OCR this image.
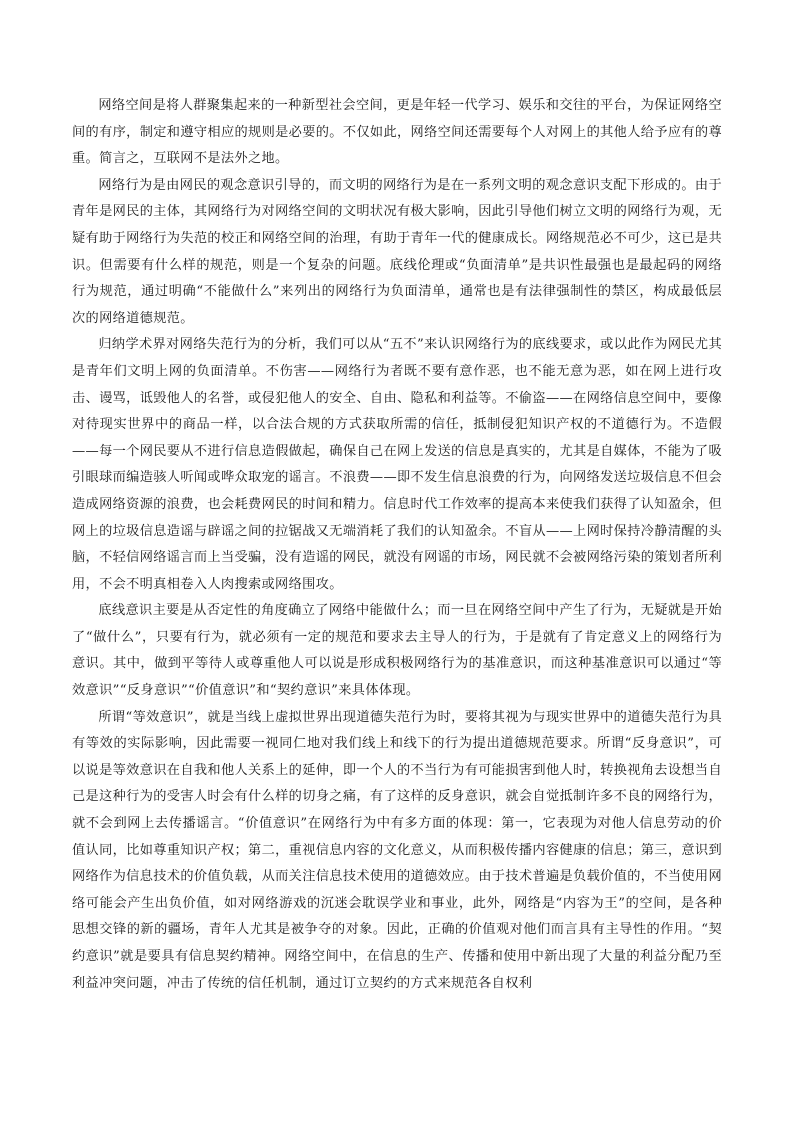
网络空间是将人群聚集起来的一种新型社会空间，更是年轻一代学习、娱乐和交往的平台，为保证网络空间的有序，制定和遵守相应的规则是必要的。不仅如此，网络空间还需要每个人对网上的其他人给予应有的尊重。简言之，互联网不是法外之地。

网络行为是由网民的观念意识引导的，而文明的网络行为是在一系列文明的观念意识支配下形成的。由于青年是网民的主体，其网络行为对网络空间的文明状况有极大影响，因此引导他们树立文明的网络行为观，无疑有助于网络行为失范的校正和网络空间的治理，有助于青年一代的健康成长。网络规范必不可少，这已是共识。但需要有什么样的规范，则是一个复杂的问题。底线伦理或“负面清单”是共识性最强也是最起码的网络行为规范，通过明确“不能做什么”来列出的网络行为负面清单，通常也是有法律强制性的禁区，构成最低层次的网络道德规范。

归纳学术界对网络失范行为的分析，我们可以从“五不”来认识网络行为的底线要求，或以此作为网民尤其是青年们文明上网的负面清单。不伤害——网络行为者既不要有意作恶，也不能无意为恶，如在网上进行攻击、谩骂，诋毁他人的名誉，或侵犯他人的安全、自由、隐私和利益等。不偷盗——在网络信息空间中，要像对待现实世界中的商品一样，以合法合规的方式获取所需的信任，抵制侵犯知识产权的不道德行为。不造假——每一个网民要从不进行信息造假做起，确保自己在网上发送的信息是真实的，尤其是自媒体，不能为了吸引眼球而编造骇人听闻或哗众取宠的谣言。不浪费——即不发生信息浪费的行为，向网络发送垃圾信息不但会造成网络资源的浪费，也会耗费网民的时间和精力。信息时代工作效率的提高本来使我们获得了认知盈余，但网上的垃圾信息造谣与辟谣之间的拉锯战又无端消耗了我们的认知盈余。不盲从——上网时保持冷静清醒的头脑，不轻信网络谣言而上当受骗，没有造谣的网民，就没有网谣的市场，网民就不会被网络污染的策划者所利用，不会不明真相卷入人肉搜索或网络围攻。

底线意识主要是从否定性的角度确立了网络中能做什么；而一旦在网络空间中产生了行为，无疑就是开始了“做什么”，只要有行为，就必须有一定的规范和要求去主导人的行为，于是就有了肯定意义上的网络行为意识。其中，做到平等待人或尊重他人可以说是形成积极网络行为的基准意识，而这种基准意识可以通过“等效意识”“反身意识”“价值意识”和“契约意识”来具体体现。

所谓“等效意识”，就是当线上虚拟世界出现道德失范行为时，要将其视为与现实世界中的道德失范行为具有等效的实际影响，因此需要一视同仁地对我们线上和线下的行为提出道德规范要求。所谓“反身意识”，可以说是等效意识在自我和他人关系上的延伸，即一个人的不当行为有可能损害到他人时，转换视角去设想当自己是这种行为的受害人时会有什么样的切身之痛，有了这样的反身意识，就会自觉抵制许多不良的网络行为，就不会到网上去传播谣言。“价值意识”在网络行为中有多方面的体现：第一，它表现为对他人信息劳动的价值认同，比如尊重知识产权；第二，重视信息内容的文化意义，从而积极传播内容健康的信息；第三，意识到网络作为信息技术的价值负载，从而关注信息技术使用的道德效应。由于技术普遍是负载价值的，不当使用网络可能会产生出负价值，如对网络游戏的沉迷会耽误学业和事业，此外，网络是“内容为王”的空间，是各种思想交锋的新的疆场，青年人尤其是被争夺的对象。因此，正确的价值观对他们而言具有主导性的作用。“契约意识”就是要具有信息契约精神。网络空间中，在信息的生产、传播和使用中新出现了大量的利益分配乃至利益冲突问题，冲击了传统的信任机制，通过订立契约的方式来规范各自权利
